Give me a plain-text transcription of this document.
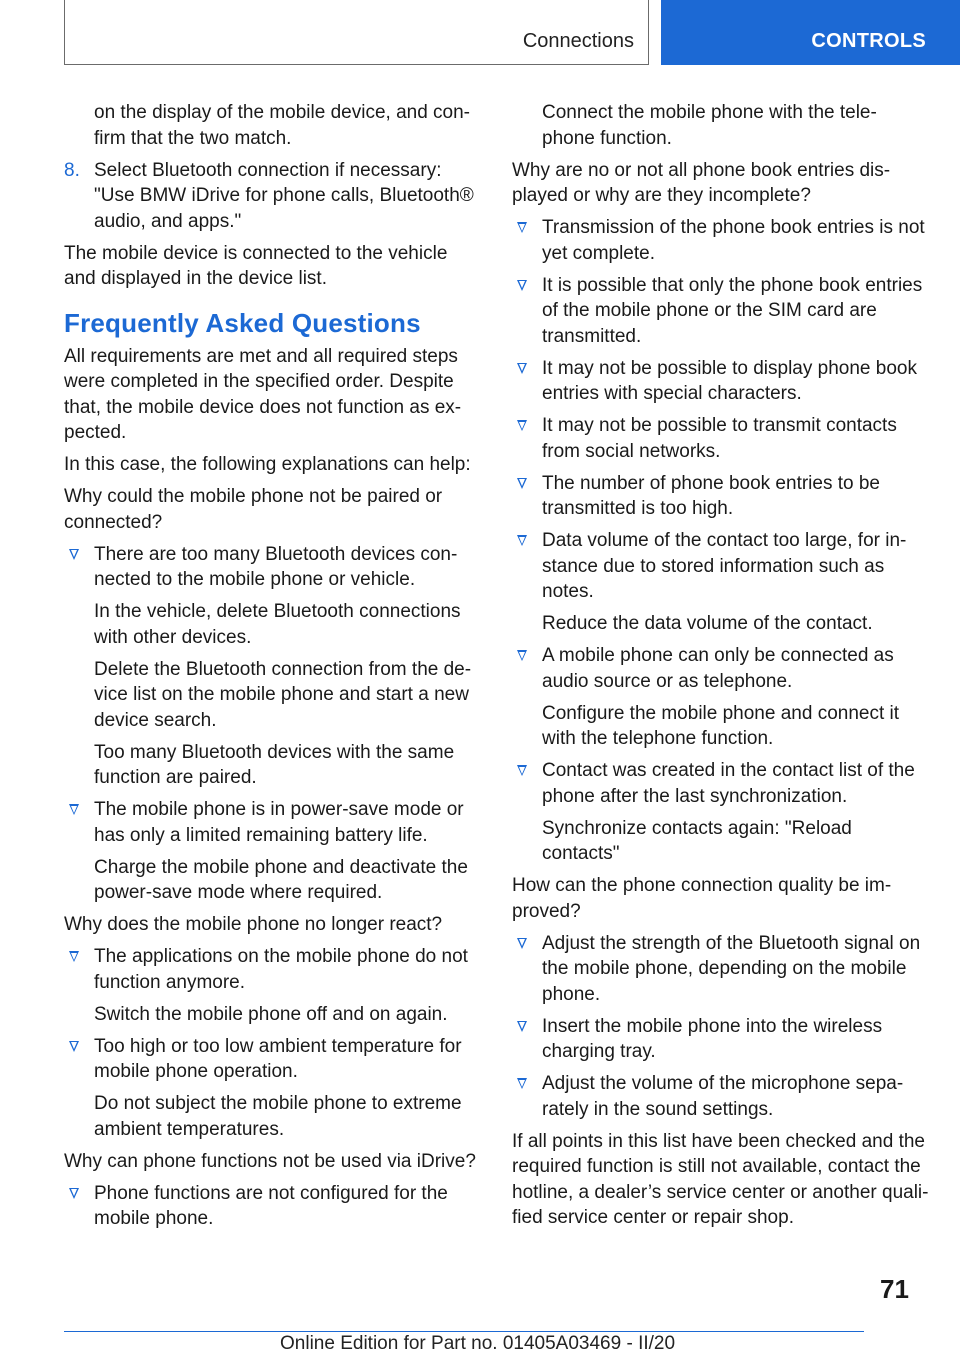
Connections	CONTROLS
on the display of the mobile device, and con‐ firm that the two match.
8. Select Bluetooth connection if necessary: "Use BMW iDrive for phone calls, Bluetooth® audio, and apps."
The mobile device is connected to the vehicle and displayed in the device list.
Frequently Asked Questions
All requirements are met and all required steps were completed in the specified order. Despite that, the mobile device does not function as ex‐ pected.
In this case, the following explanations can help:
Why could the mobile phone not be paired or connected?
There are too many Bluetooth devices con‐ nected to the mobile phone or vehicle.
In the vehicle, delete Bluetooth connections with other devices.
Delete the Bluetooth connection from the de‐ vice list on the mobile phone and start a new device search.
Too many Bluetooth devices with the same function are paired.
The mobile phone is in power-save mode or has only a limited remaining battery life.
Charge the mobile phone and deactivate the power-save mode where required.
Why does the mobile phone no longer react?
The applications on the mobile phone do not function anymore.
Switch the mobile phone off and on again.
Too high or too low ambient temperature for mobile phone operation.
Do not subject the mobile phone to extreme ambient temperatures.
Why can phone functions not be used via iDrive?
Phone functions are not configured for the mobile phone.
Connect the mobile phone with the tele‐ phone function.
Why are no or not all phone book entries dis‐ played or why are they incomplete?
Transmission of the phone book entries is not yet complete.
It is possible that only the phone book entries of the mobile phone or the SIM card are transmitted.
It may not be possible to display phone book entries with special characters.
It may not be possible to transmit contacts from social networks.
The number of phone book entries to be transmitted is too high.
Data volume of the contact too large, for in‐ stance due to stored information such as notes.
Reduce the data volume of the contact.
A mobile phone can only be connected as audio source or as telephone.
Configure the mobile phone and connect it with the telephone function.
Contact was created in the contact list of the phone after the last synchronization.
Synchronize contacts again: "Reload contacts"
How can the phone connection quality be im‐ proved?
Adjust the strength of the Bluetooth signal on the mobile phone, depending on the mobile phone.
Insert the mobile phone into the wireless charging tray.
Adjust the volume of the microphone sepa‐ rately in the sound settings.
If all points in this list have been checked and the required function is still not available, contact the hotline, a dealer’s service center or another quali‐ fied service center or repair shop.
71
Online Edition for Part no. 01405A03469 - II/20
